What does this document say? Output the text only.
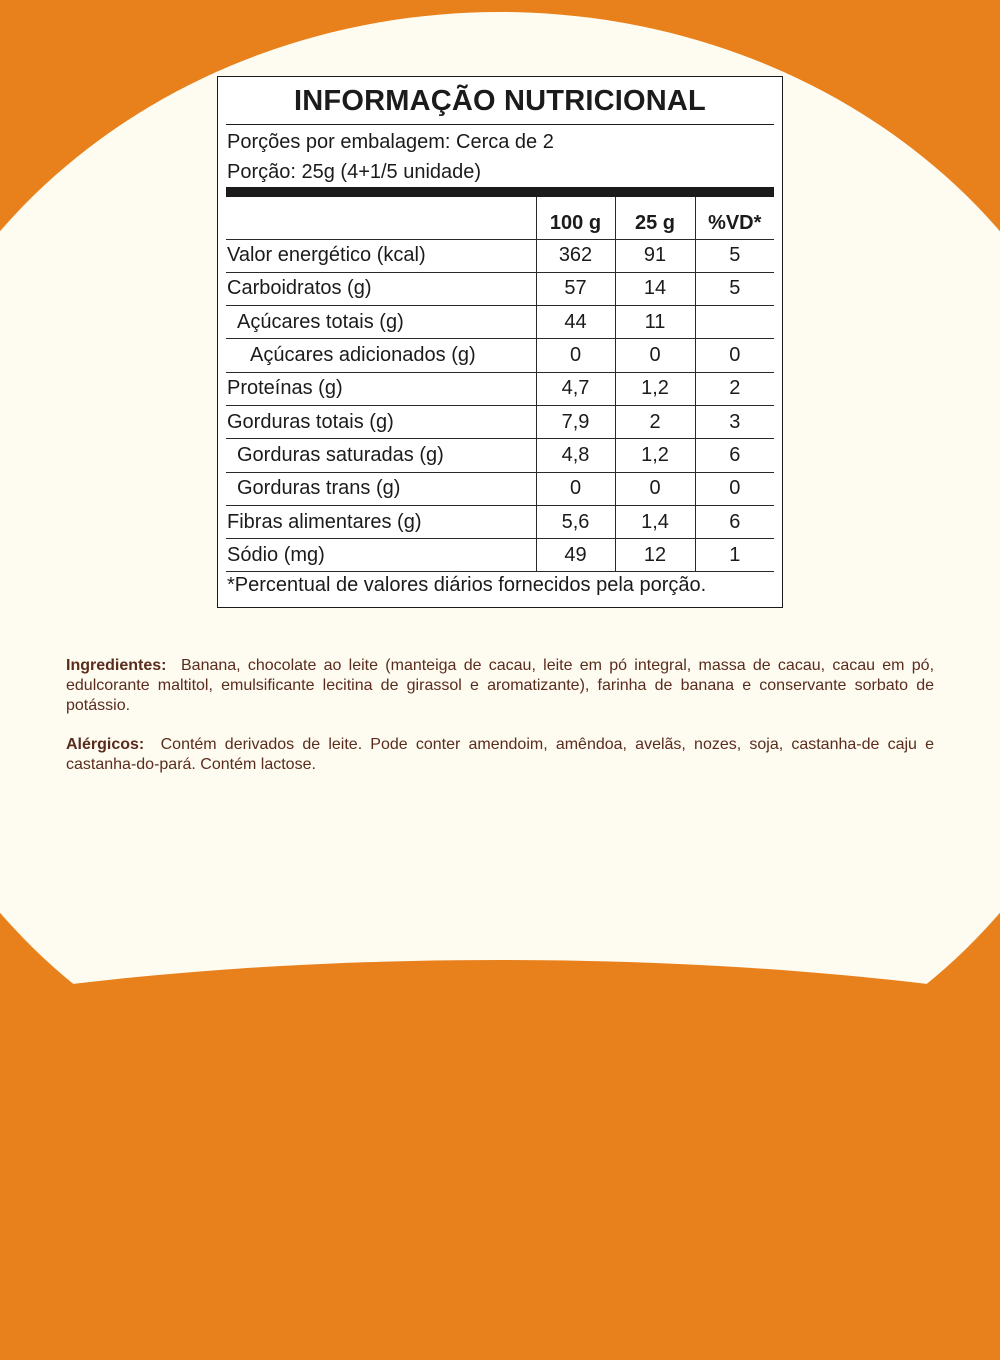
INFORMAÇÃO NUTRICIONAL
Porções por embalagem: Cerca de 2
Porção: 25g (4+1/5 unidade)
	100 g	25 g	%VD*
Valor energético (kcal)	362	91	5
Carboidratos (g)	57	14	5
Açúcares totais (g)	44	11	
Açúcares adicionados (g)	0	0	0
Proteínas (g)	4,7	1,2	2
Gorduras totais (g)	7,9	2	3
Gorduras saturadas (g)	4,8	1,2	6
Gorduras trans (g)	0	0	0
Fibras alimentares (g)	5,6	1,4	6
Sódio (mg)	49	12	1
*Percentual de valores diários fornecidos pela porção.
Ingredientes: Banana, chocolate ao leite (manteiga de cacau, leite em pó integral, massa de cacau, cacau em pó, edulcorante maltitol, emulsificante lecitina de girassol e aromatizante), farinha de banana e conservante sorbato de potássio.
Alérgicos: Contém derivados de leite. Pode conter amendoim, amêndoa, avelãs, nozes, soja, castanha-de caju e castanha-do-pará. Contém lactose.
